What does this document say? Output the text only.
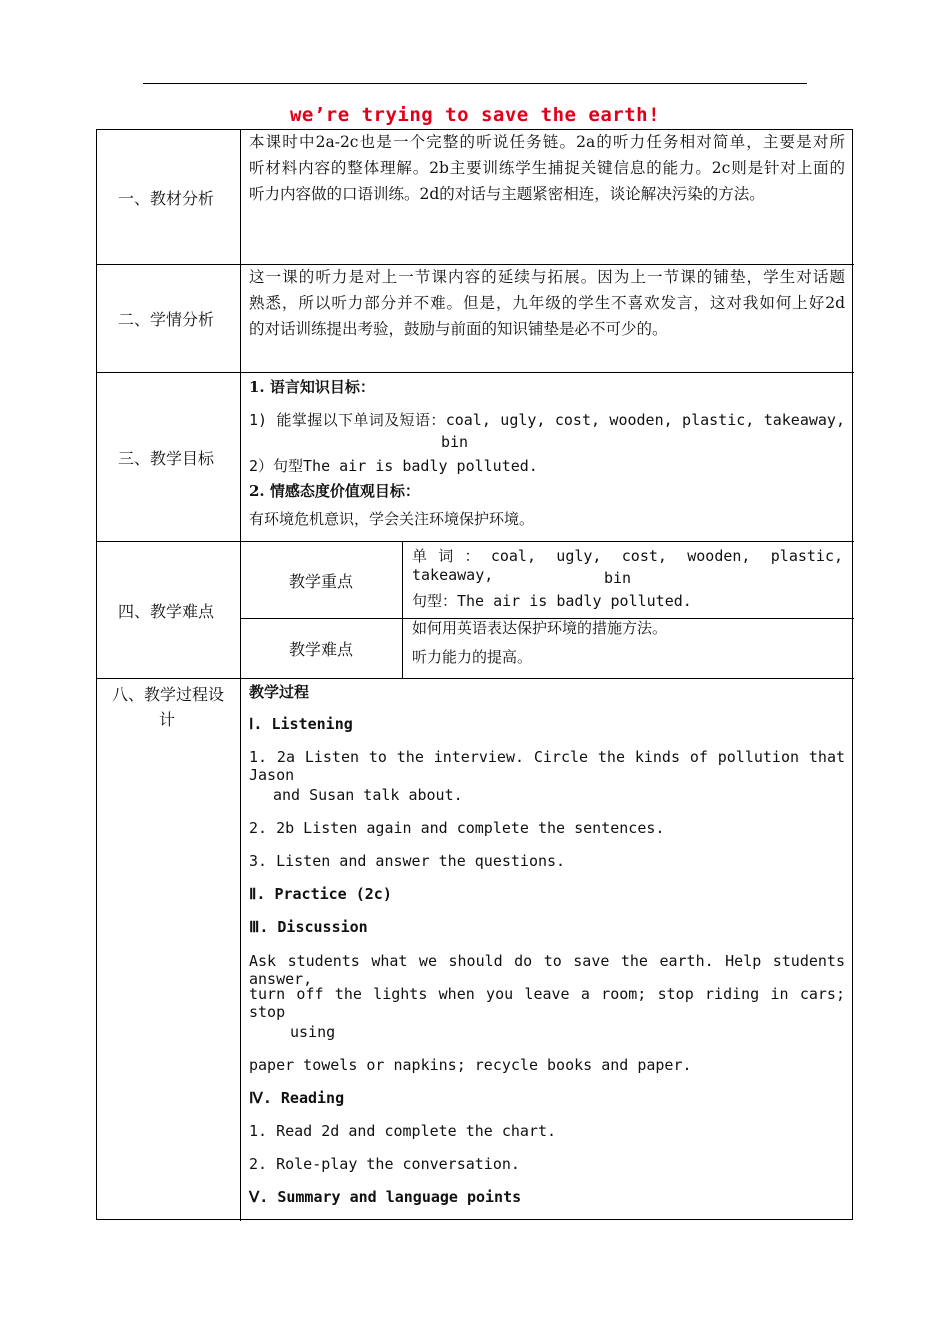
we’re trying to save the earth!
一、教材分析
本课时中2a-2c也是一个完整的听说任务链。2a的听力任务相对简单，主要是对所
听材料内容的整体理解。2b主要训练学生捕捉关键信息的能力。2c则是针对上面的
听力内容做的口语训练。2d的对话与主题紧密相连，谈论解决污染的方法。
二、学情分析
这一课的听力是对上一节课内容的延续与拓展。因为上一节课的铺垫，学生对话题
熟悉，所以听力部分并不难。但是，九年级的学生不喜欢发言，这对我如何上好2d
的对话训练提出考验，鼓励与前面的知识铺垫是必不可少的。
三、教学目标
1. 语言知识目标：
1) 能掌握以下单词及短语：coal, ugly, cost, wooden, plastic, takeaway,
bin
2）句型The air is badly polluted.
2. 情感态度价值观目标：
有环境危机意识，学会关注环境保护环境。
四、教学难点
教学重点
单词：coal, ugly, cost, wooden, plastic, takeaway,	bin
句型：The air is badly polluted.
教学难点
如何用英语表达保护环境的措施方法。
听力能力的提高。
八、教学过程设
计
教学过程
Ⅰ. Listening
1. 2a Listen to the interview. Circle the kinds of pollution that Jason
and Susan talk about.
2. 2b Listen again and complete the sentences.
3. Listen and answer the questions.
Ⅱ. Practice (2c)
Ⅲ. Discussion
Ask students what we should do to save the earth. Help students answer,
turn off the lights when you leave a room; stop riding in cars; stop
using
paper towels or napkins; recycle books and paper.
Ⅳ. Reading
1. Read 2d and complete the chart.
2. Role-play the conversation.
Ⅴ. Summary and language points
